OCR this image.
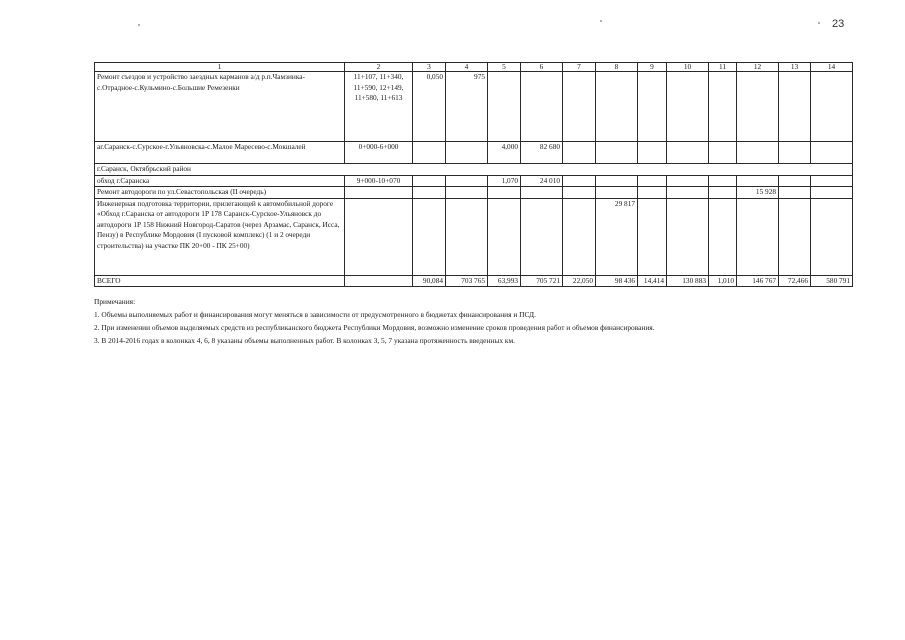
23
1	2	3	4	5	6	7	8	9	10	11	12	13	14
Ремонт съездов и устройство заездных карманов а/д р.п.Чамзинка-с.Отрадное-с.Кульмино-с.Большие Ремезенки	11+107, 11+340, 11+590, 12+149, 11+580, 11+613	0,050	975										
аг.Саранск-с.Сурское-г.Ульяновска-с.Малое Маресево-с.Мокшалей	0+000-6+000			4,000	82 680								
г.Саранск, Октябрьский район													
обход г.Саранска	9+000-10+070			1,070	24 010								
Ремонт автодороги по ул.Севастопольская (II очередь)											15 928		
Инженерная подготовка территории, прилегающей к автомобильной дороге «Обход г.Саранска от автодороги 1Р 178 Саранск-Сурское-Ульяновск до автодороги 1Р 158 Нижний Новгород-Саратов (через Арзамас, Саранск, Исса, Пензу) в Республике Мордовия (I пусковой комплекс) (1 и 2 очереди строительства) на участке ПК 20+00 - ПК 25+00)							29 817						
ВСЕГО		90,084	703 765	63,993	705 721	22,050	98 436	14,414	130 883	1,010	146 767	72,466	580 791
Примечания:
1. Объемы выполняемых работ и финансирования могут меняться в зависимости от предусмотренного в бюджетах финансирования и ПСД.
2. При изменении объемов выделяемых средств из республиканского бюджета Республики Мордовия, возможно изменение сроков проведения работ и объемов финансирования.
3. В 2014-2016 годах в колонках 4, 6, 8 указаны объемы выполненных работ. В колонках 3, 5, 7 указана протяженность введенных км.
